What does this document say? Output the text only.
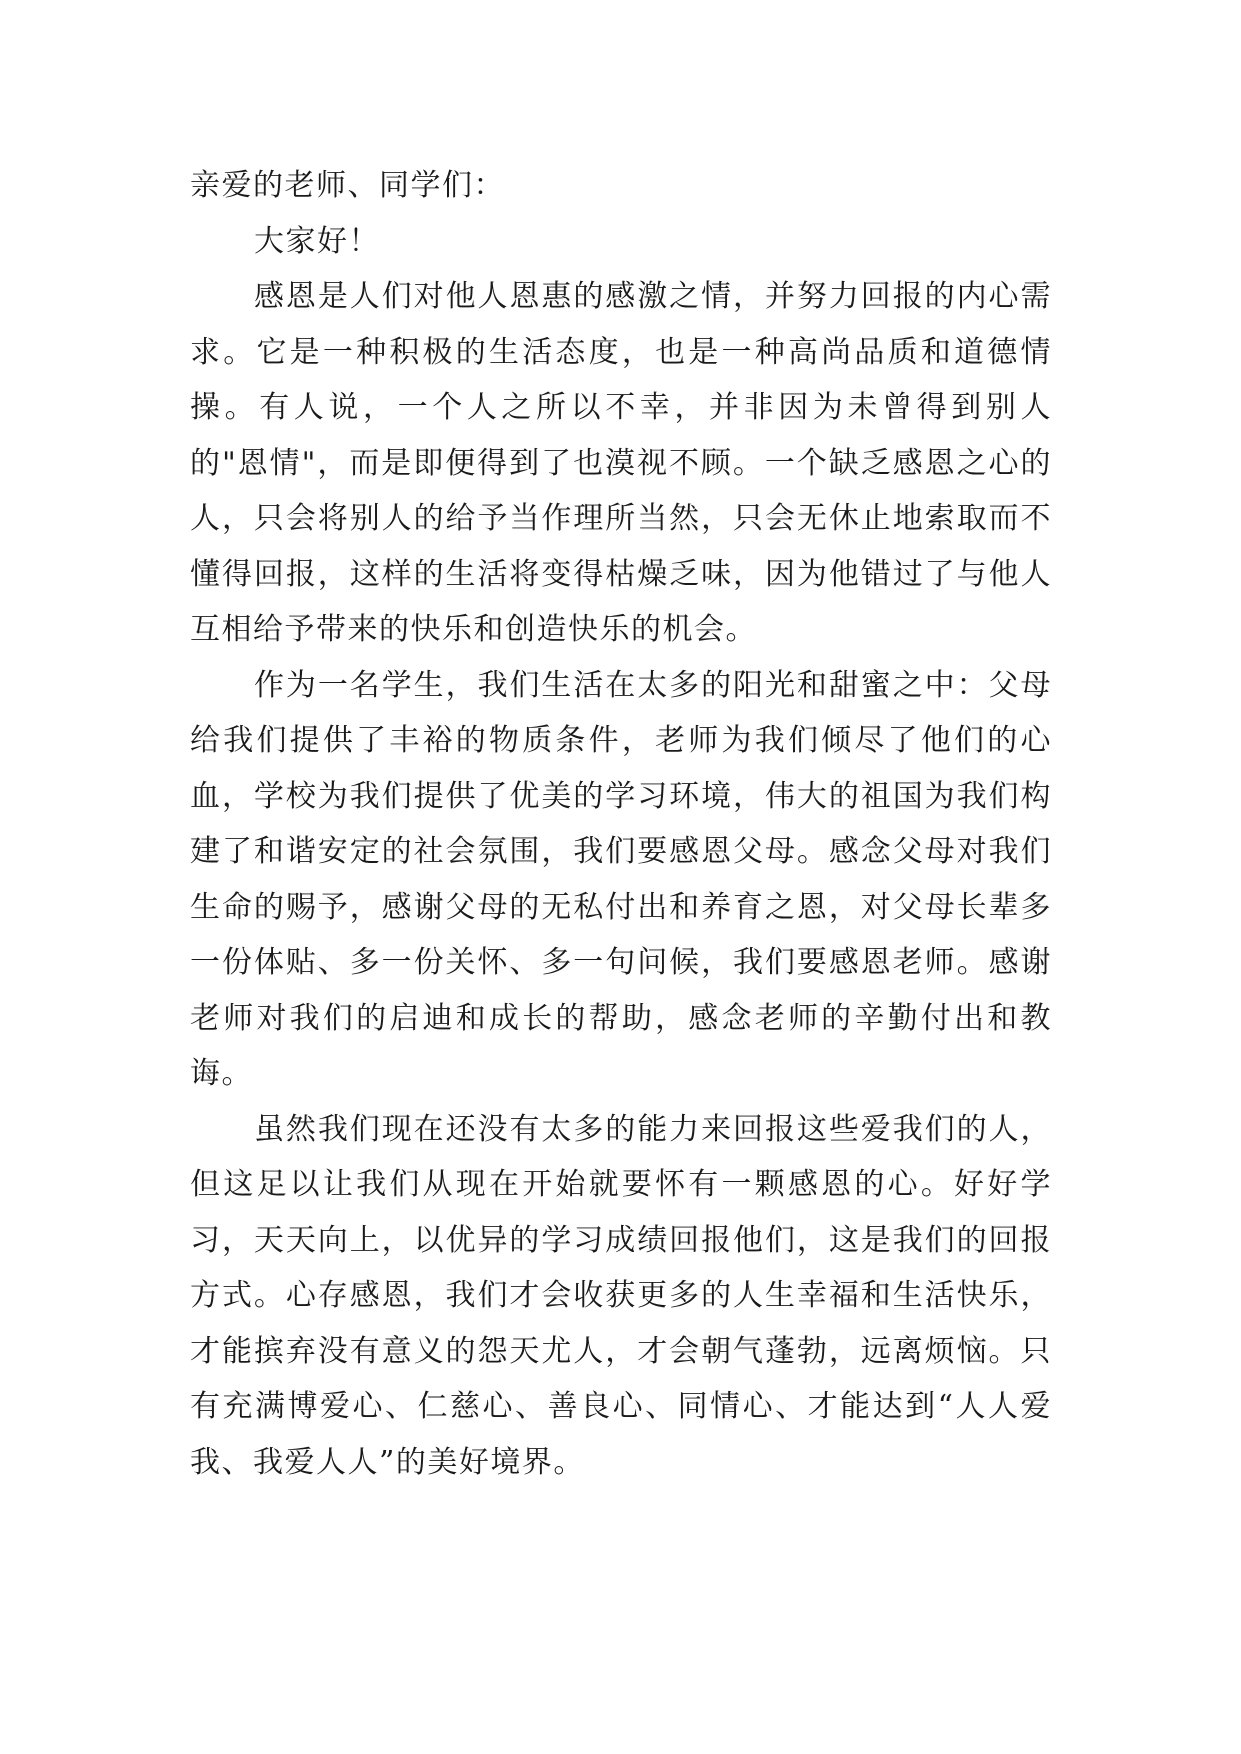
亲爱的老师、同学们：

大家好！

感恩是人们对他人恩惠的感激之情，并努力回报的内心需求。它是一种积极的生活态度，也是一种高尚品质和道德情操。有人说，一个人之所以不幸，并非因为未曾得到别人的"恩情"，而是即便得到了也漠视不顾。一个缺乏感恩之心的人，只会将别人的给予当作理所当然，只会无休止地索取而不懂得回报，这样的生活将变得枯燥乏味，因为他错过了与他人互相给予带来的快乐和创造快乐的机会。

作为一名学生，我们生活在太多的阳光和甜蜜之中：父母给我们提供了丰裕的物质条件，老师为我们倾尽了他们的心血，学校为我们提供了优美的学习环境，伟大的祖国为我们构建了和谐安定的社会氛围，我们要感恩父母。感念父母对我们生命的赐予，感谢父母的无私付出和养育之恩，对父母长辈多一份体贴、多一份关怀、多一句问候，我们要感恩老师。感谢老师对我们的启迪和成长的帮助，感念老师的辛勤付出和教诲。

虽然我们现在还没有太多的能力来回报这些爱我们的人，但这足以让我们从现在开始就要怀有一颗感恩的心。好好学习，天天向上，以优异的学习成绩回报他们，这是我们的回报方式。心存感恩，我们才会收获更多的人生幸福和生活快乐，才能摈弃没有意义的怨天尤人，才会朝气蓬勃，远离烦恼。只有充满博爱心、仁慈心、善良心、同情心、才能达到“人人爱我、我爱人人”的美好境界。
